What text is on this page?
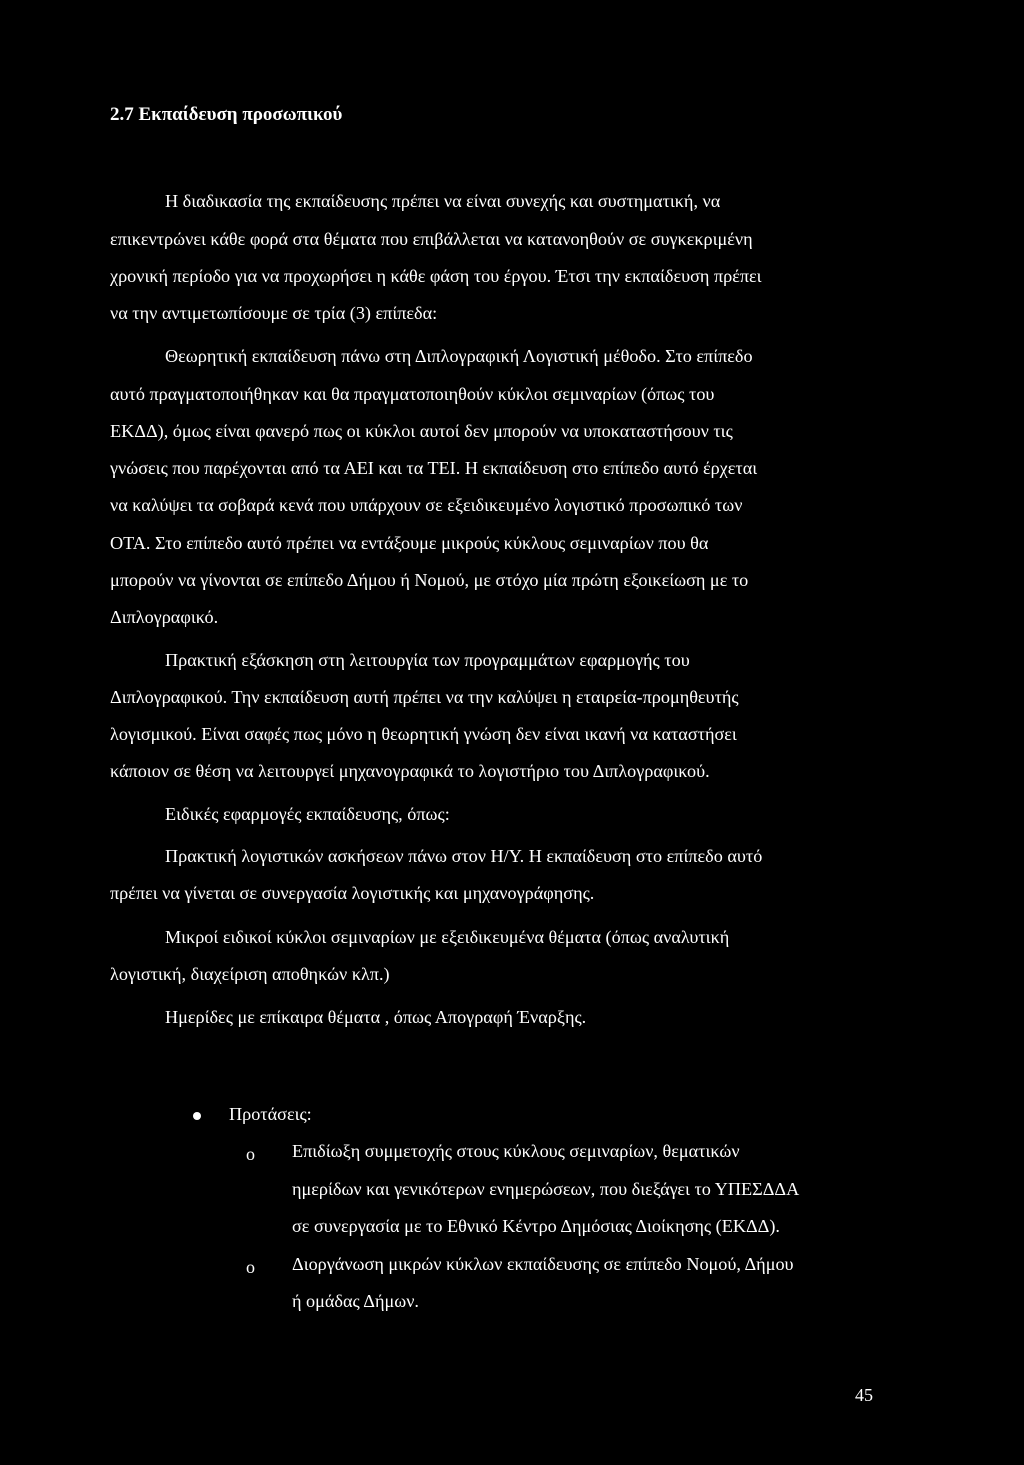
2.7 Εκπαίδευση προσωπικού
Η διαδικασία της εκπαίδευσης πρέπει να είναι συνεχής και συστηματική, να
επικεντρώνει κάθε φορά στα θέματα που επιβάλλεται να κατανοηθούν σε συγκεκριμένη
χρονική περίοδο για να προχωρήσει η κάθε φάση του έργου. Έτσι την εκπαίδευση πρέπει
να την αντιμετωπίσουμε σε τρία (3) επίπεδα:
Θεωρητική εκπαίδευση πάνω στη Διπλογραφική Λογιστική μέθοδο. Στο επίπεδο
αυτό πραγματοποιήθηκαν και θα πραγματοποιηθούν κύκλοι σεμιναρίων (όπως του
ΕΚΔΔ), όμως είναι φανερό πως οι κύκλοι αυτοί δεν μπορούν να υποκαταστήσουν τις
γνώσεις που παρέχονται από τα ΑΕΙ και τα ΤΕΙ. Η εκπαίδευση στο επίπεδο αυτό έρχεται
να καλύψει τα σοβαρά κενά που υπάρχουν σε εξειδικευμένο λογιστικό προσωπικό των
ΟΤΑ. Στο επίπεδο αυτό πρέπει να εντάξουμε μικρούς κύκλους σεμιναρίων που θα
μπορούν να γίνονται σε επίπεδο Δήμου ή Νομού, με στόχο μία πρώτη εξοικείωση με το
Διπλογραφικό.
Πρακτική εξάσκηση στη λειτουργία των προγραμμάτων εφαρμογής του
Διπλογραφικού. Την εκπαίδευση αυτή πρέπει να την καλύψει η εταιρεία-προμηθευτής
λογισμικού. Είναι σαφές πως μόνο η θεωρητική γνώση δεν είναι ικανή να καταστήσει
κάποιον σε θέση να λειτουργεί μηχανογραφικά το λογιστήριο του Διπλογραφικού.
Ειδικές εφαρμογές εκπαίδευσης, όπως:
Πρακτική λογιστικών ασκήσεων πάνω στον Η/Υ. Η εκπαίδευση στο επίπεδο αυτό
πρέπει να γίνεται σε συνεργασία λογιστικής και μηχανογράφησης.
Μικροί ειδικοί κύκλοι σεμιναρίων με εξειδικευμένα θέματα (όπως αναλυτική
λογιστική, διαχείριση αποθηκών κλπ.)
Ημερίδες με επίκαιρα θέματα , όπως Απογραφή Έναρξης.
Προτάσεις:
o Επιδίωξη συμμετοχής στους κύκλους σεμιναρίων, θεματικών
ημερίδων και γενικότερων ενημερώσεων, που διεξάγει το ΥΠΕΣΔΔΑ
σε συνεργασία με το Εθνικό Κέντρο Δημόσιας Διοίκησης (ΕΚΔΔ).
o Διοργάνωση μικρών κύκλων εκπαίδευσης σε επίπεδο Νομού, Δήμου
ή ομάδας Δήμων.
45
